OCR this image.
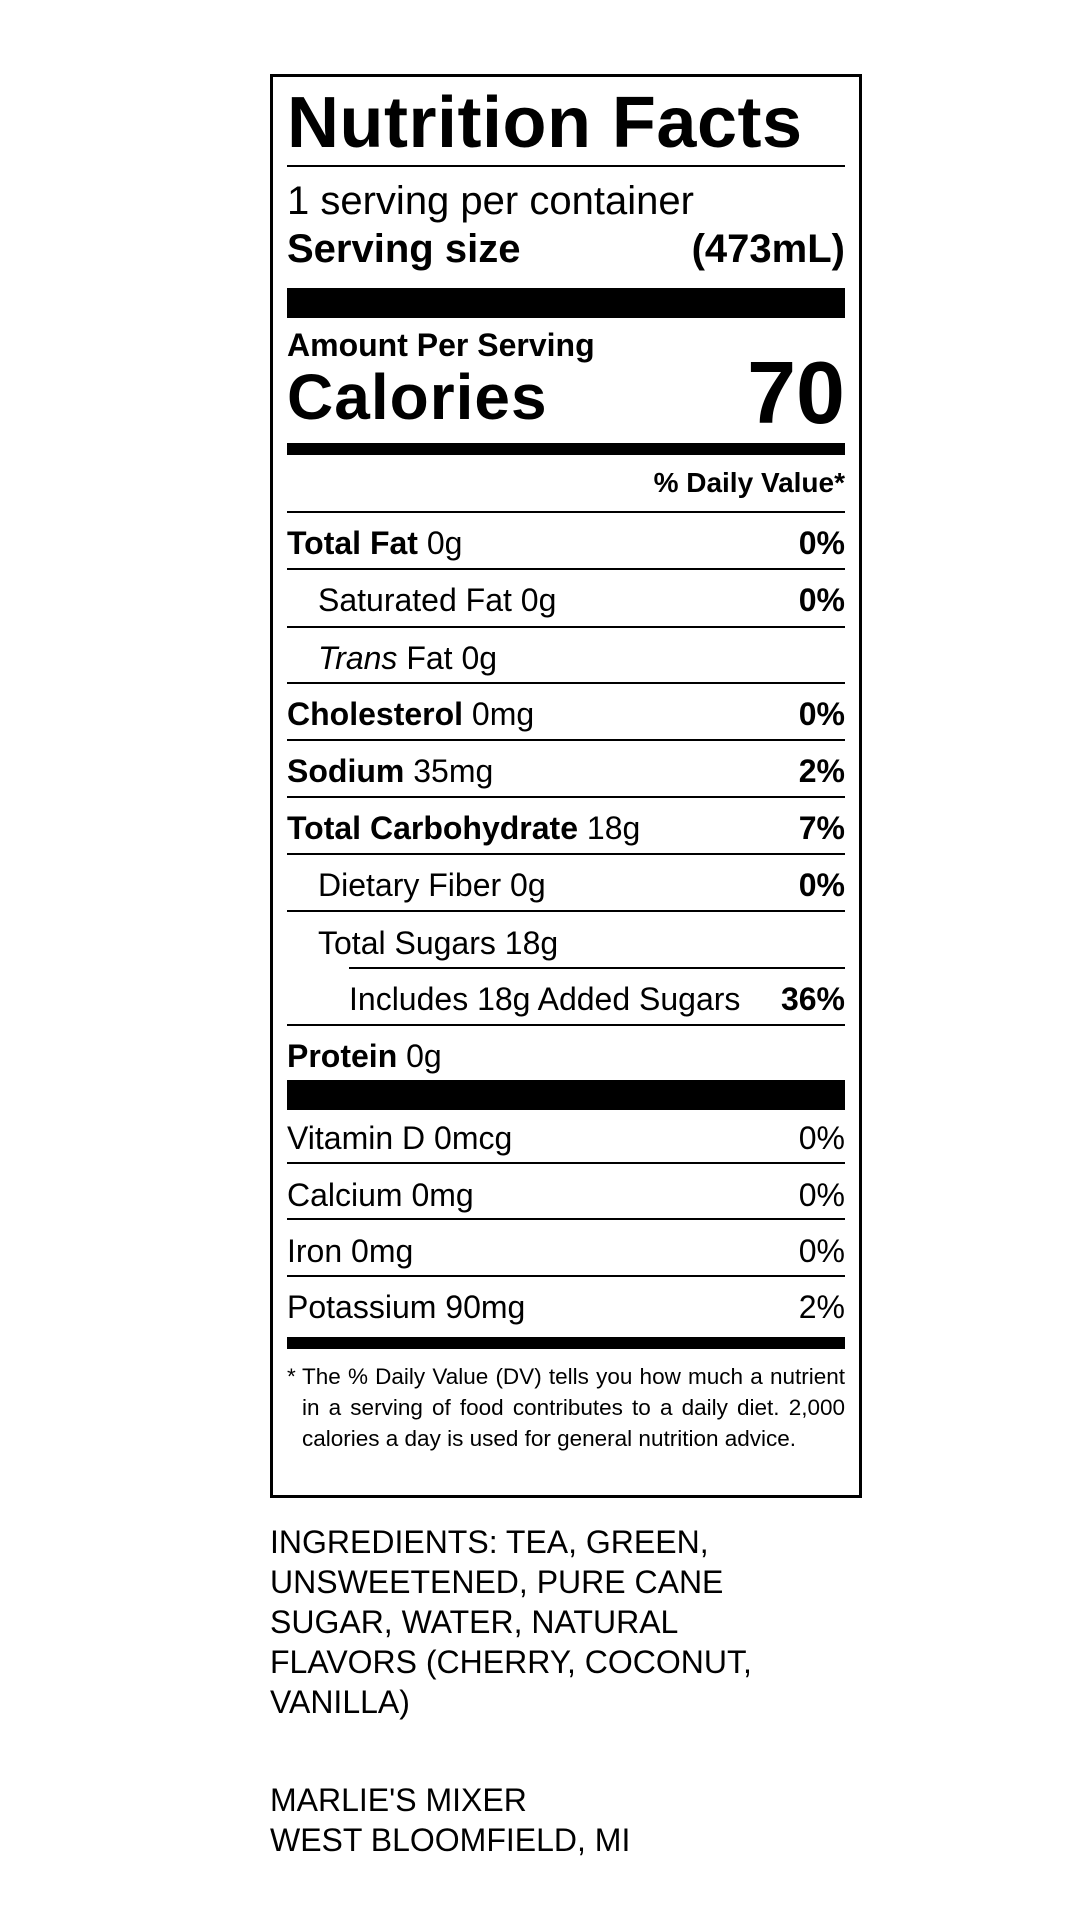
Nutrition Facts
1 serving per container
Serving size	(473mL)
Amount Per Serving
Calories 70
% Daily Value*
Total Fat 0g	0%
Saturated Fat 0g	0%
Trans Fat 0g
Cholesterol 0mg	0%
Sodium 35mg	2%
Total Carbohydrate 18g	7%
Dietary Fiber 0g	0%
Total Sugars 18g
Includes 18g Added Sugars 36%
Protein 0g
Vitamin D 0mcg	0%
Calcium 0mg	0%
Iron 0mg	0%
Potassium 90mg	2%
* The % Daily Value (DV) tells you how much a nutrient in a serving of food contributes to a daily diet. 2,000 calories a day is used for general nutrition advice.
INGREDIENTS: TEA, GREEN,
UNSWEETENED, PURE CANE
SUGAR, WATER, NATURAL
FLAVORS (CHERRY, COCONUT,
VANILLA)
MARLIE'S MIXER
WEST BLOOMFIELD, MI
